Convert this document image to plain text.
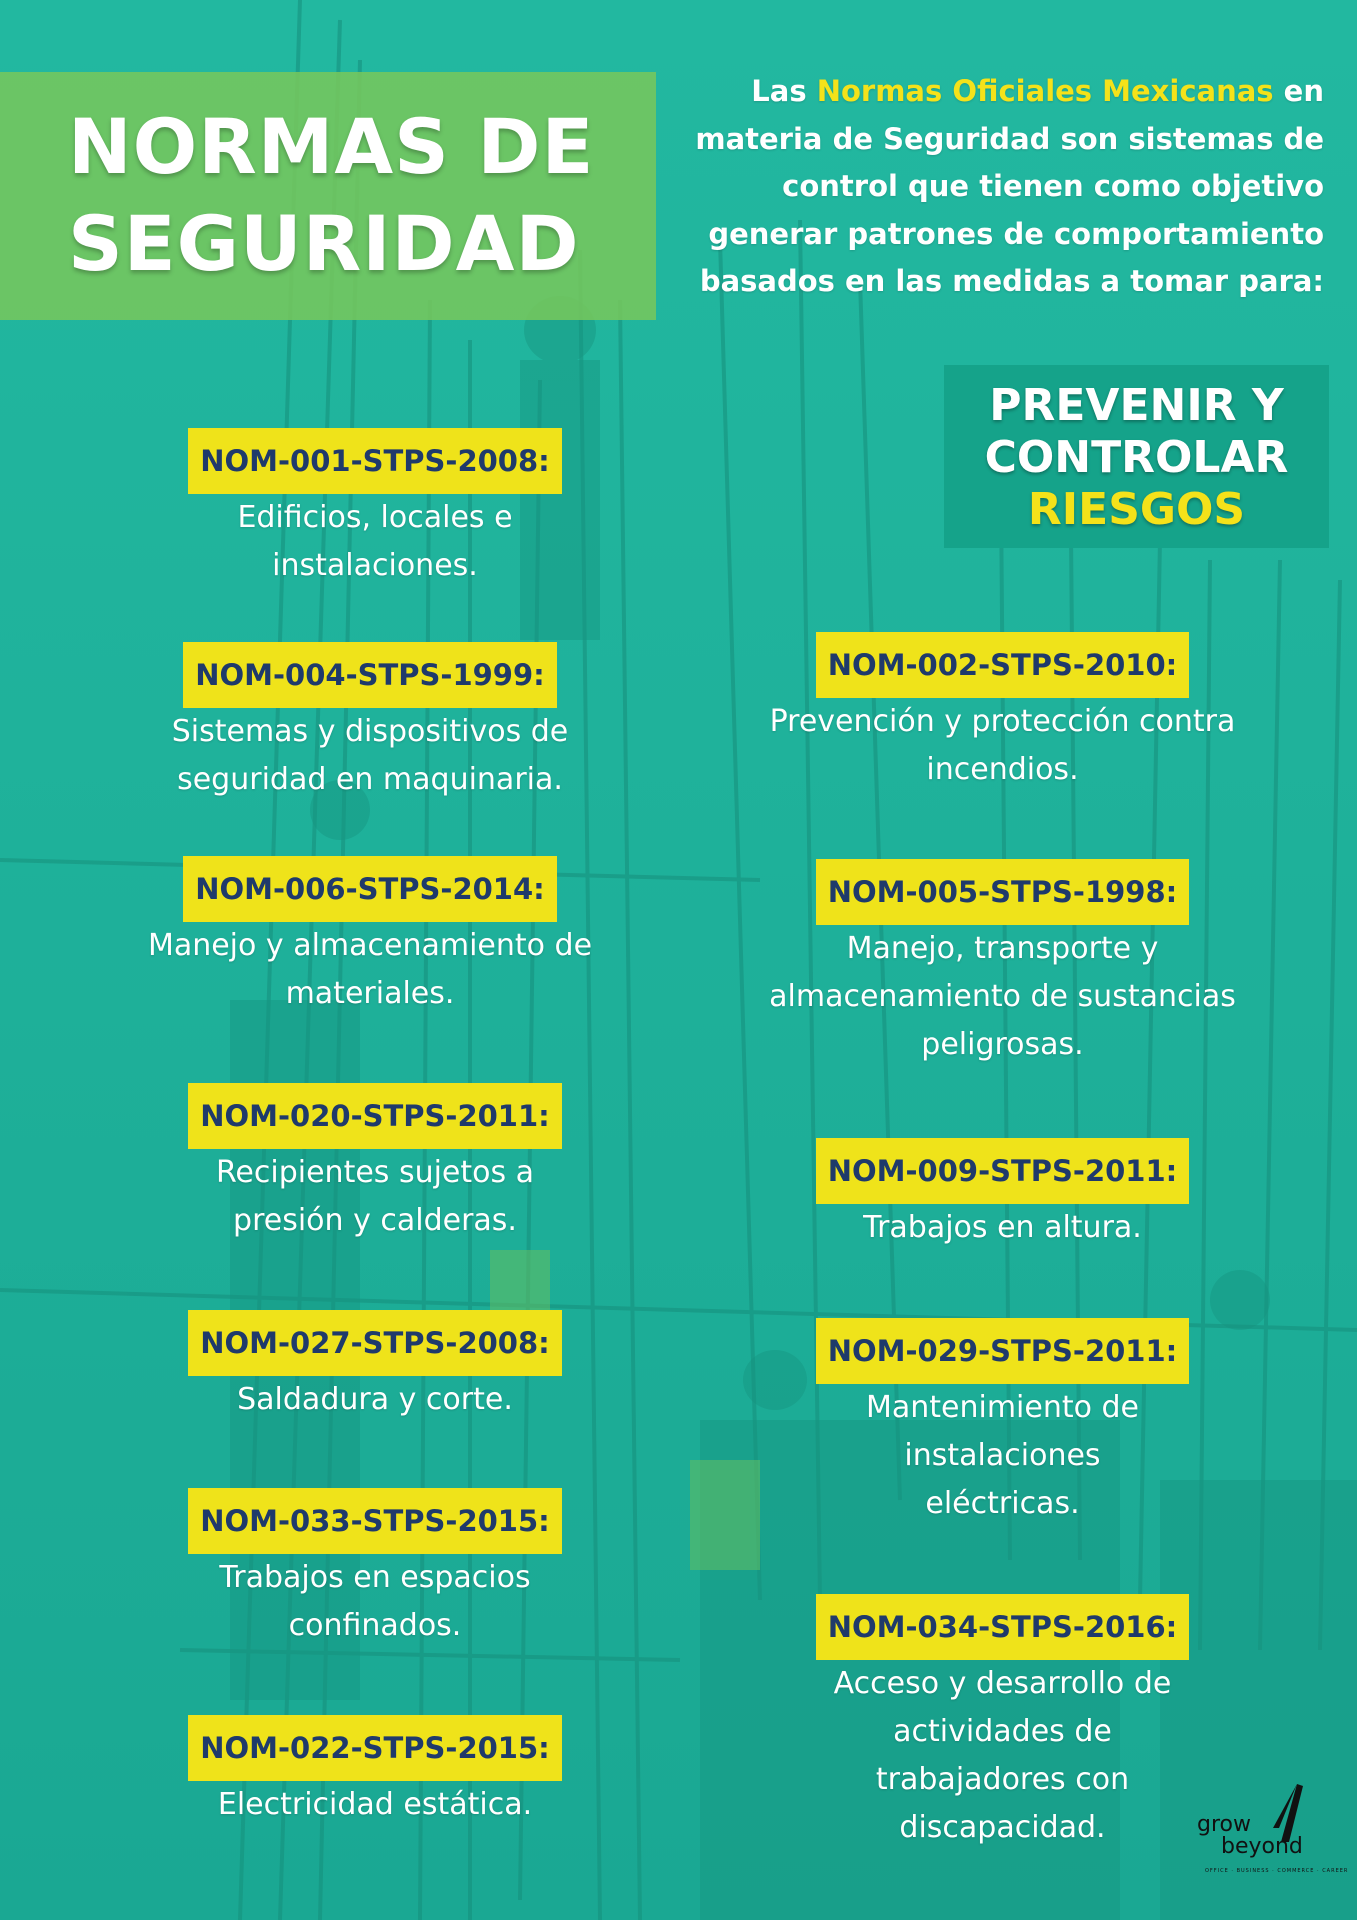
NORMAS DE
SEGURIDAD

Las Normas Oficiales Mexicanas en materia de Seguridad son sistemas de control que tienen como objetivo generar patrones de comportamiento basados en las medidas a tomar para:

PREVENIR Y
CONTROLAR
RIESGOS
NOM-001-STPS-2008:
Edificios, locales e instalaciones.
NOM-004-STPS-1999:
Sistemas y dispositivos de seguridad en maquinaria.
NOM-006-STPS-2014:
Manejo y almacenamiento de materiales.
NOM-020-STPS-2011:
Recipientes sujetos a presión y calderas.
NOM-027-STPS-2008:
Saldadura y corte.
NOM-033-STPS-2015:
Trabajos en espacios confinados.
NOM-022-STPS-2015:
Electricidad estática.
NOM-002-STPS-2010:
Prevención y protección contra incendios.
NOM-005-STPS-1998:
Manejo, transporte y almacenamiento de sustancias peligrosas.
NOM-009-STPS-2011:
Trabajos en altura.
NOM-029-STPS-2011:
Mantenimiento de instalaciones eléctricas.
NOM-034-STPS-2016:
Acceso y desarrollo de actividades de trabajadores con discapacidad.	grow
beyond
OFFICE · BUSINESS · COMMERCE · CAREER
